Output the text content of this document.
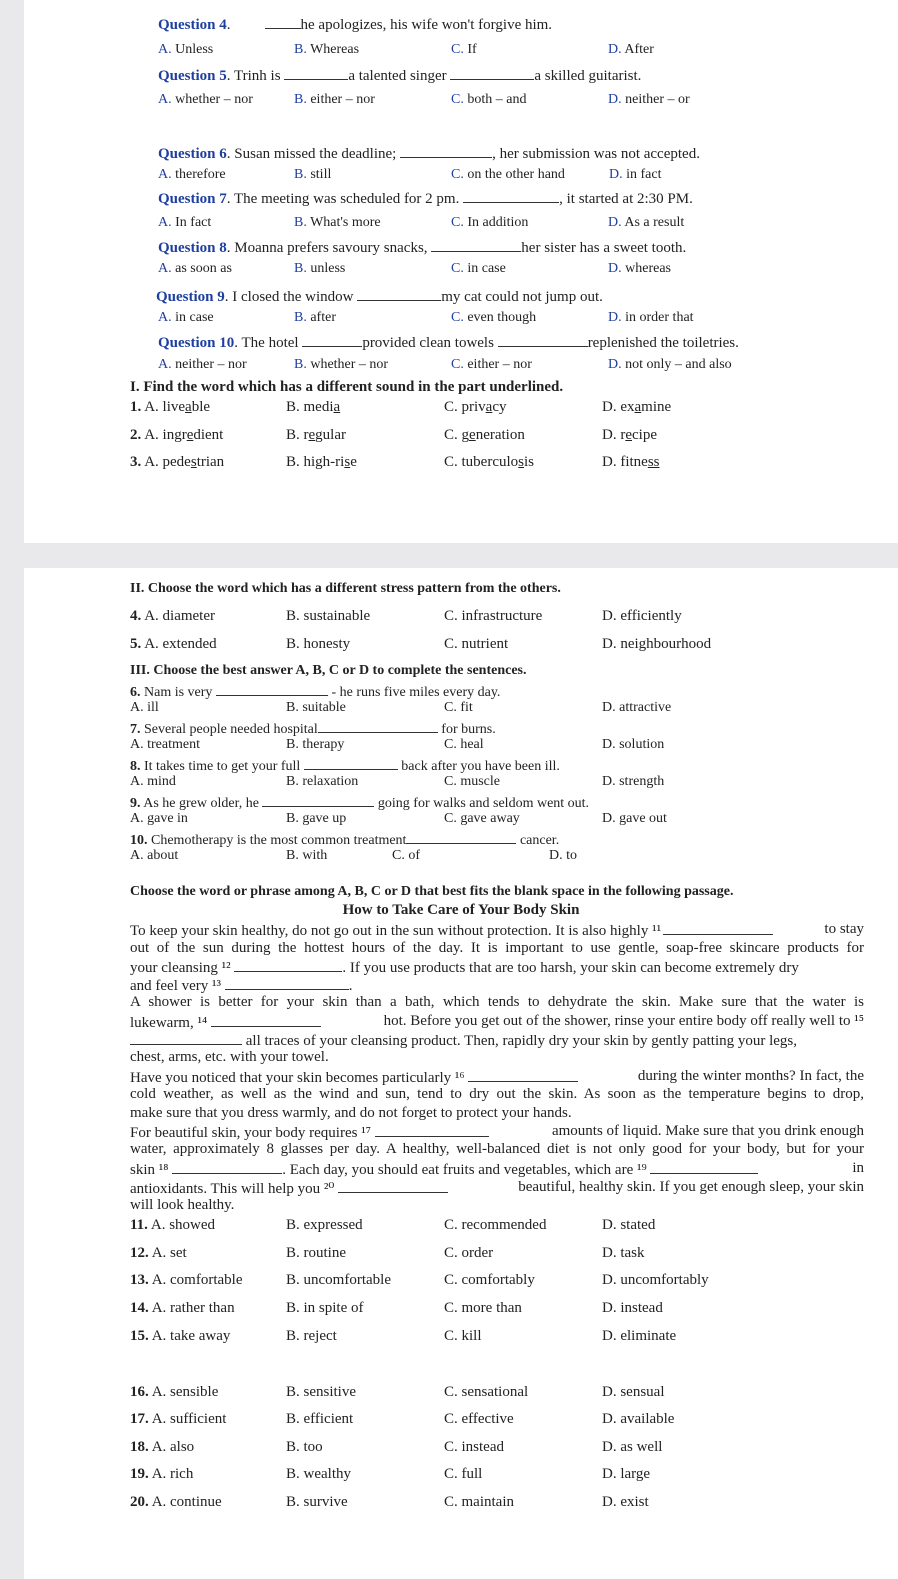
Question 4.	he apologizes, his wife won't forgive him.
A. Unless	B. Whereas	C. If	D. After
Question 5. Trinh is	a talented singer	a skilled guitarist.
A. whether – nor	B. either – nor	C. both – and	D. neither – or
Question 6. Susan missed the deadline;	, her submission was not accepted.
A. therefore	B. still	C. on the other hand	D. in fact
Question 7. The meeting was scheduled for 2 pm.	, it started at 2:30 PM.
A. In fact	B. What's more	C. In addition	D. As a result
Question 8. Moanna prefers savoury snacks,	her sister has a sweet tooth.
A. as soon as	B. unless	C. in case	D. whereas
Question 9. I closed the window	my cat could not jump out.
A. in case	B. after	C. even though	D. in order that
Question 10. The hotel	provided clean towels	replenished the toiletries.
A. neither – nor	B. whether – nor	C. either – nor	D. not only – and also
I. Find the word which has a different sound in the part underlined.
1. A. liveable	B. media	C. privacy	D. examine
2. A. ingredient	B. regular	C. generation	D. recipe
3. A. pedestrian	B. high-rise	C. tuberculosis	D. fitness
II. Choose the word which has a different stress pattern from the others.
4. A. diameter	B. sustainable	C. infrastructure	D. efficiently
5. A. extended	B. honesty	C. nutrient	D. neighbourhood
III. Choose the best answer A, B, C or D to complete the sentences.
6. Nam is very	- he runs five miles every day.
A. ill	B. suitable	C. fit	D. attractive
7. Several people needed hospital	for burns.
A. treatment	B. therapy	C. heal	D. solution
8. It takes time to get your full	back after you have been ill.
A. mind	B. relaxation	C. muscle	D. strength
9. As he grew older, he	going for walks and seldom went out.
A. gave in	B. gave up	C. gave away	D. gave out
10. Chemotherapy is the most common treatment	cancer.
A. about	B. with	C. of	D. to
Choose the word or phrase among A, B, C or D that best fits the blank space in the following passage.
How to Take Care of Your Body Skin
To keep your skin healthy, do not go out in the sun without protection. It is also highly ¹¹	to stay
out of the sun during the hottest hours of the day. It is important to use gentle, soap-free skincare products for
your cleansing ¹²	. If you use products that are too harsh, your skin can become extremely dry
and feel very ¹³	.
A shower is better for your skin than a bath, which tends to dehydrate the skin. Make sure that the water is
lukewarm, ¹⁴	hot. Before you get out of the shower, rinse your entire body off really well to ¹⁵
all traces of your cleansing product. Then, rapidly dry your skin by gently patting your legs,
chest, arms, etc. with your towel.
Have you noticed that your skin becomes particularly ¹⁶	during the winter months? In fact, the
cold weather, as well as the wind and sun, tend to dry out the skin. As soon as the temperature begins to drop,
make sure that you dress warmly, and do not forget to protect your hands.
For beautiful skin, your body requires ¹⁷	amounts of liquid. Make sure that you drink enough
water, approximately 8 glasses per day. A healthy, well-balanced diet is not only good for your body, but for your
skin ¹⁸	. Each day, you should eat fruits and vegetables, which are ¹⁹	in
antioxidants. This will help you ²⁰	beautiful, healthy skin. If you get enough sleep, your skin
will look healthy.
11. A. showed	B. expressed	C. recommended	D. stated
12. A. set	B. routine	C. order	D. task
13. A. comfortable	B. uncomfortable	C. comfortably	D. uncomfortably
14. A. rather than	B. in spite of	C. more than	D. instead
15. A. take away	B. reject	C. kill	D. eliminate
16. A. sensible	B. sensitive	C. sensational	D. sensual
17. A. sufficient	B. efficient	C. effective	D. available
18. A. also	B. too	C. instead	D. as well
19. A. rich	B. wealthy	C. full	D. large
20. A. continue	B. survive	C. maintain	D. exist
